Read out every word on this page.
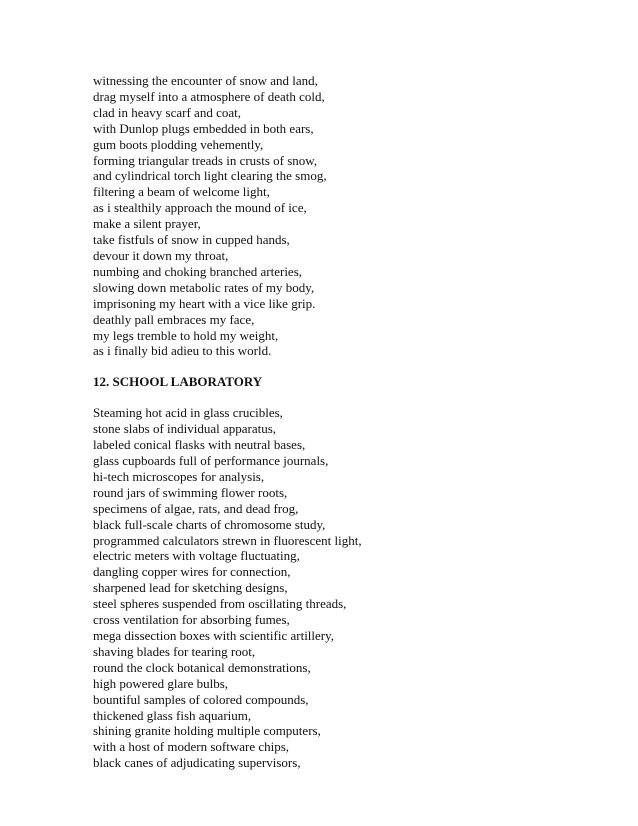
witnessing the encounter of snow and land,
drag myself into a atmosphere of death cold,
clad in heavy scarf and coat,
with Dunlop plugs embedded in both ears,
gum boots plodding vehemently,
forming triangular treads in crusts of snow,
and cylindrical torch light clearing the smog,
filtering a beam of welcome light,
as i stealthily approach the mound of ice,
make a silent prayer,
take fistfuls of snow in cupped hands,
devour it down my throat,
numbing and choking branched arteries,
slowing down metabolic rates of my body,
imprisoning my heart with a vice like grip.
deathly pall embraces my face,
my legs tremble to hold my weight,
as i finally bid adieu to this world.
12. SCHOOL LABORATORY
Steaming hot acid in glass crucibles,
stone slabs of individual apparatus,
labeled conical flasks with neutral bases,
glass cupboards full of performance journals,
hi-tech microscopes for analysis,
round jars of swimming flower roots,
specimens of algae, rats, and dead frog,
black full-scale charts of chromosome study,
programmed calculators strewn in fluorescent light,
electric meters with voltage fluctuating,
dangling copper wires for connection,
sharpened lead for sketching designs,
steel spheres suspended from oscillating threads,
cross ventilation for absorbing fumes,
mega dissection boxes with scientific artillery,
shaving blades for tearing root,
round the clock botanical demonstrations,
high powered glare bulbs,
bountiful samples of colored compounds,
thickened glass fish aquarium,
shining granite holding multiple computers,
with a host of modern software chips,
black canes of adjudicating supervisors,
